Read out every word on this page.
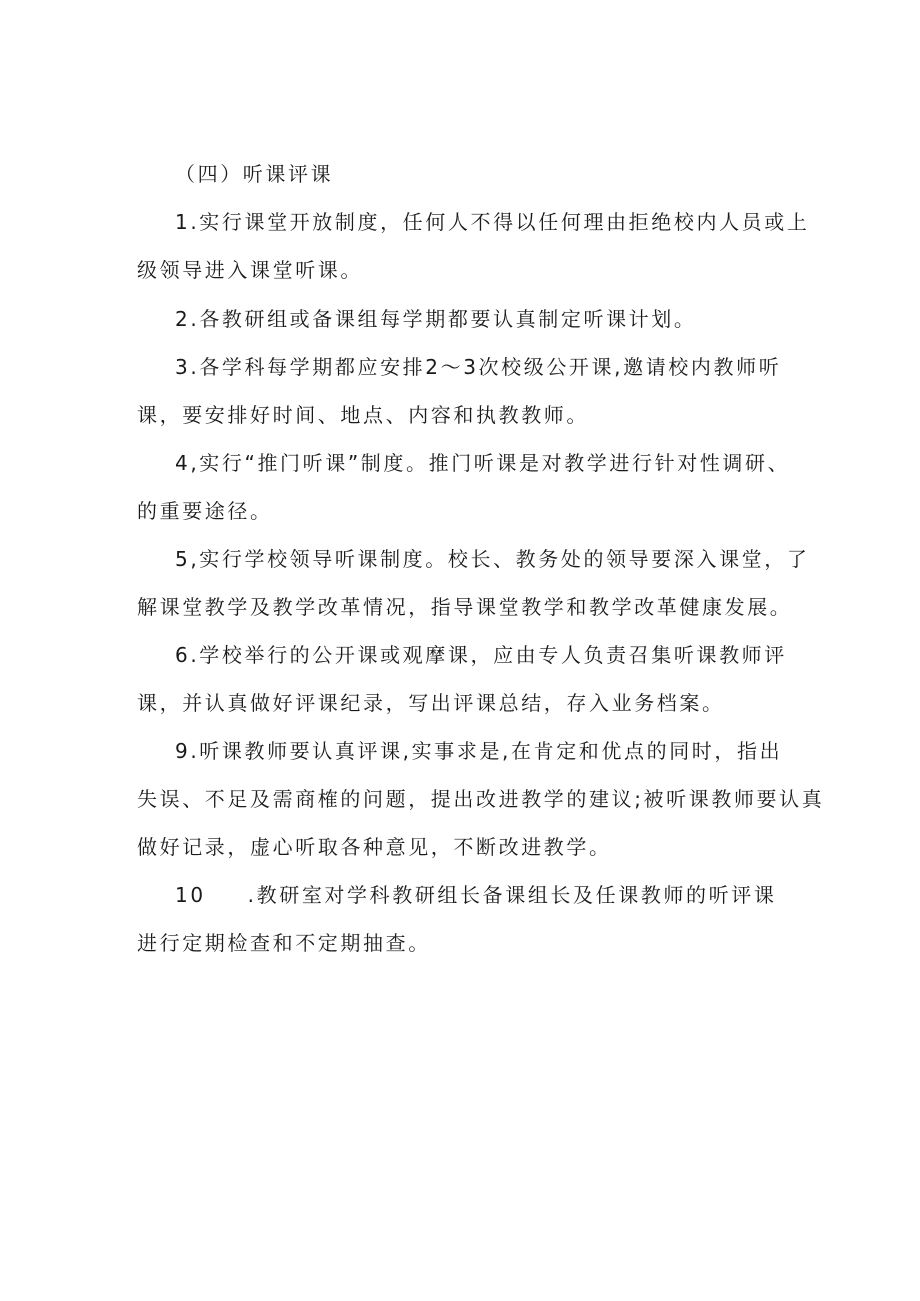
（四）听课评课
1.实行课堂开放制度，任何人不得以任何理由拒绝校内人员或上
级领导进入课堂听课。
2.各教研组或备课组每学期都要认真制定听课计划。
3.各学科每学期都应安排2～3次校级公开课,邀请校内教师听
课，要安排好时间、地点、内容和执教教师。
4,实行“推门听课”制度。推门听课是对教学进行针对性调研、
的重要途径。
5,实行学校领导听课制度。校长、教务处的领导要深入课堂，了
解课堂教学及教学改革情况，指导课堂教学和教学改革健康发展。
6.学校举行的公开课或观摩课，应由专人负责召集听课教师评
课，并认真做好评课纪录，写出评课总结，存入业务档案。
9.听课教师要认真评课,实事求是,在肯定和优点的同时，指出
失误、不足及需商榷的问题，提出改进教学的建议;被听课教师要认真
做好记录，虚心听取各种意见，不断改进教学。
10 .教研室对学科教研组长备课组长及任课教师的听评课
进行定期检查和不定期抽查。
